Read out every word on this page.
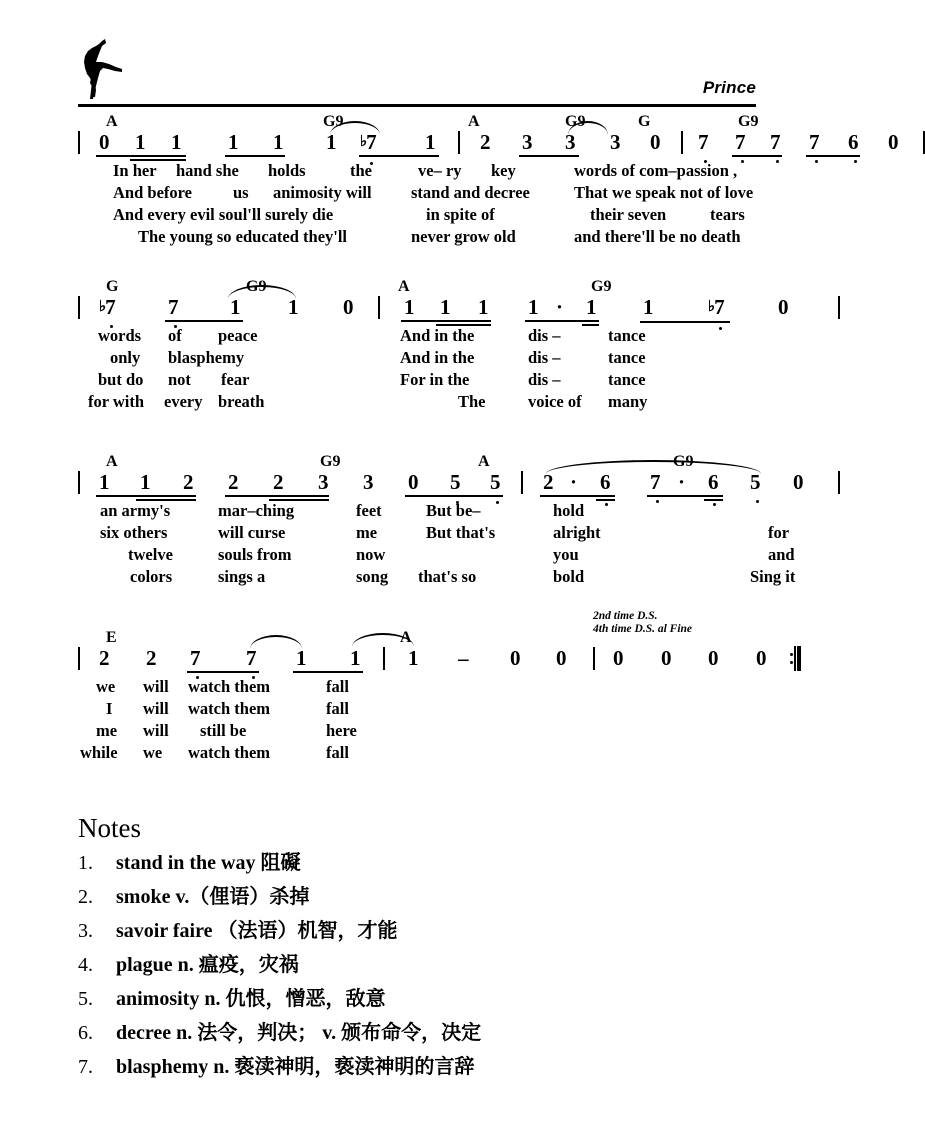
Prince
A	G9	A	G9	G	G9
0 1 1 1 1 1 ♭7 1 2 3 3 3 0 7 7 7 7 6 0
In her hand she holds	the	ve– ry key	words of com–passion ,
And before us animosity will stand and decree	That we speak not of love
And every evil soul'll surely die	in spite of	their seven	tears
The young so educated they'll	never grow old	and there'll be no death
G	G9	A	G9
♭7 7 1 1 0 1 1 1 1 · 1 1	♭7	0
words of peace	And in the	dis –	tance
only blasphemy	And in the	dis –	tance
but do not fear	For in the	dis –	tance
for with every breath	The	voice of many
A	G9	A	G9
1 1 2 2 2 3 3 0 5 5 2 · 6 7 · 6 5 0
an army's	mar–ching	feet	But be–	hold
six others	will curse	me	But that's	alright	for
twelve	souls from	now	you	and
colors	sings a	song that's so	bold	Sing it
2nd time D.S.
4th time D.S. al Fine
E	A
2 2 7 7 1 1 1 – 0 0 0 0 0 0
we will watch them	fall
I will watch them	fall
me will still be	here
while we watch them	fall
Notes
1.	stand in the way 阻礙
2.	smoke v.（俚语）杀掉
3.	savoir faire （法语）机智，才能
4.	plague n. 瘟疫，灾祸
5.	animosity n. 仇恨，憎恶，敌意
6.	decree n. 法令，判决； v. 颁布命令，决定
7.	blasphemy n. 亵渎神明，亵渎神明的言辞
